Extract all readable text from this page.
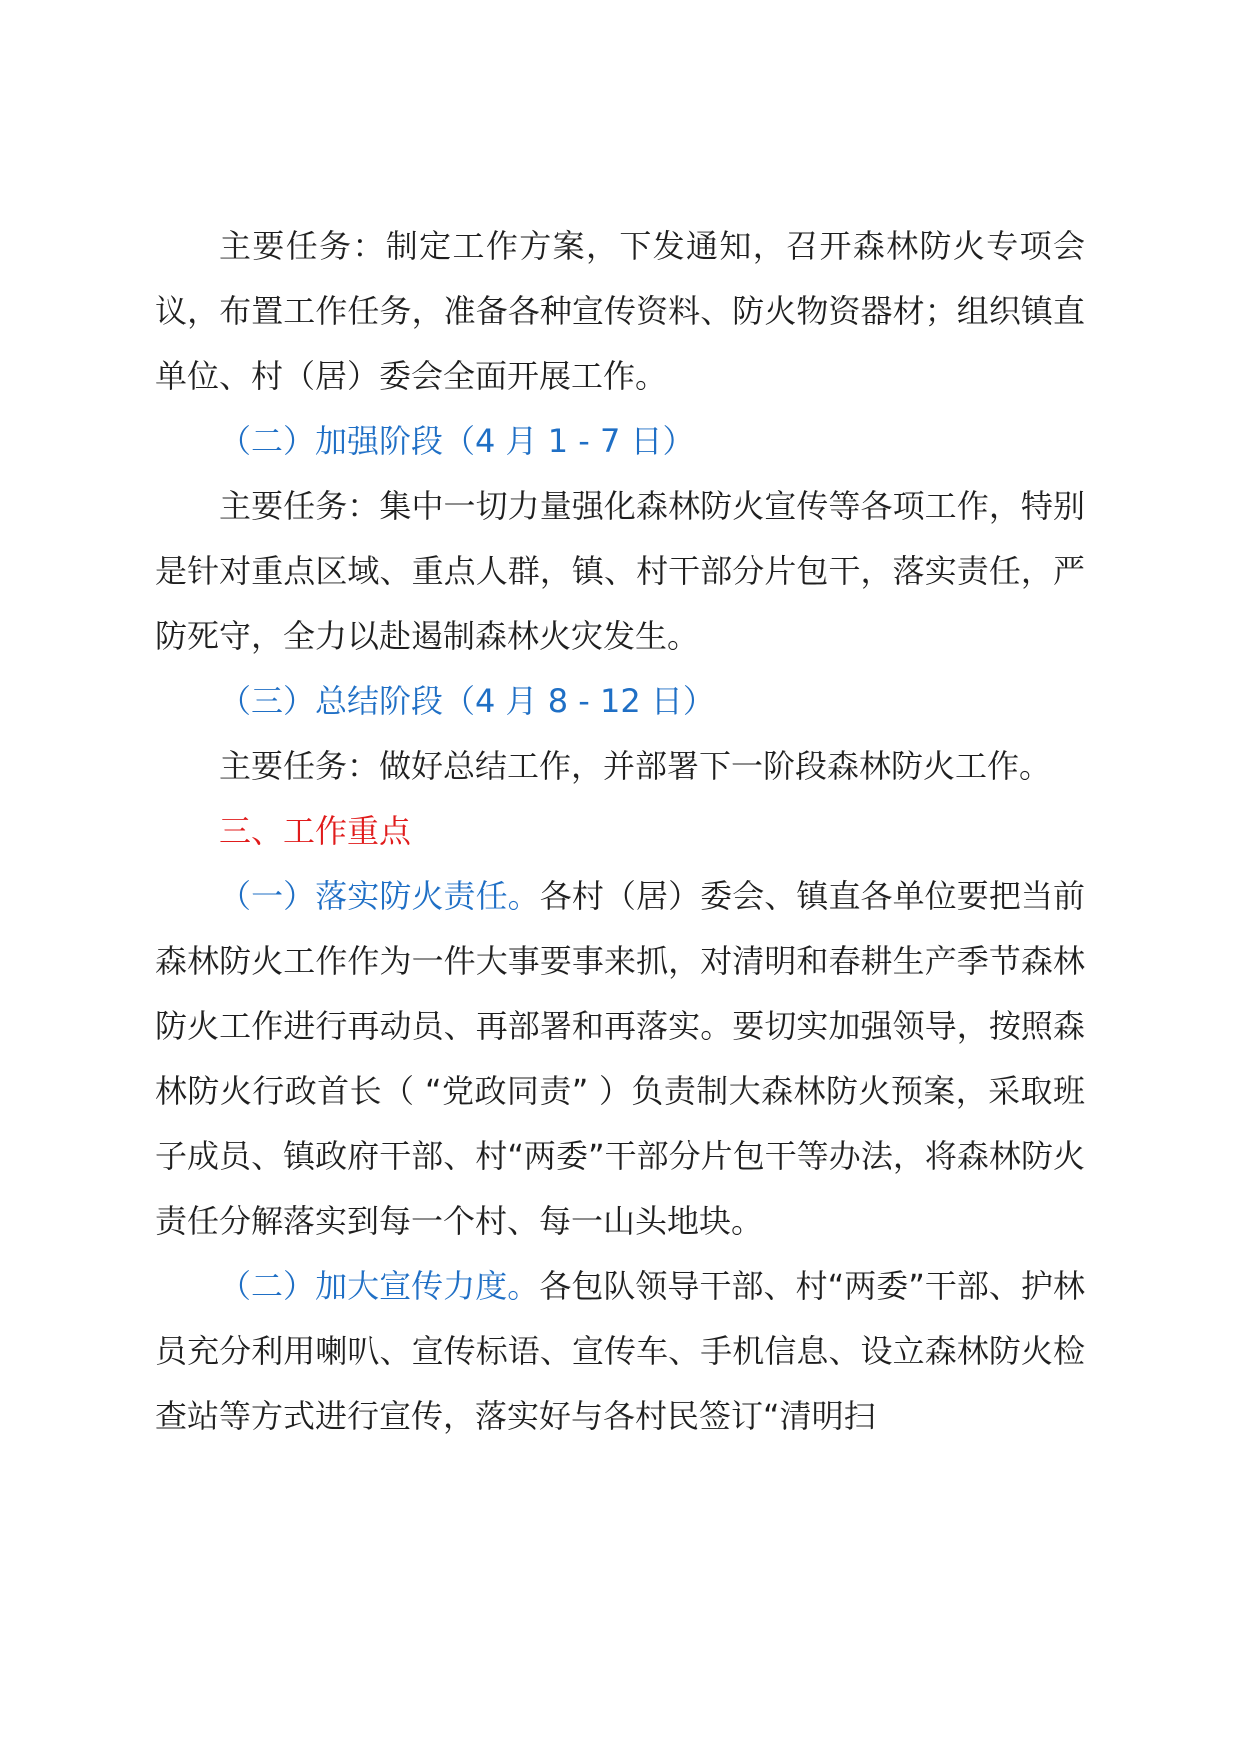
主要任务：制定工作方案，下发通知，召开森林防火专项会议，布置工作任务，准备各种宣传资料、防火物资器材；组织镇直单位、村（居）委会全面开展工作。

（二）加强阶段（4 月 1 - 7 日）

主要任务：集中一切力量强化森林防火宣传等各项工作，特别是针对重点区域、重点人群，镇、村干部分片包干，落实责任，严防死守，全力以赴遏制森林火灾发生。

（三）总结阶段（4 月 8 - 12 日）

主要任务：做好总结工作，并部署下一阶段森林防火工作。

三、工作重点

（一）落实防火责任。各村（居）委会、镇直各单位要把当前森林防火工作作为一件大事要事来抓，对清明和春耕生产季节森林防火工作进行再动员、再部署和再落实。要切实加强领导，按照森林防火行政首长（ “党政同责” ）负责制大森林防火预案，采取班子成员、镇政府干部、村“两委”干部分片包干等办法，将森林防火责任分解落实到每一个村、每一山头地块。

（二）加大宣传力度。各包队领导干部、村“两委”干部、护林员充分利用喇叭、宣传标语、宣传车、手机信息、设立森林防火检查站等方式进行宣传，落实好与各村民签订“清明扫
